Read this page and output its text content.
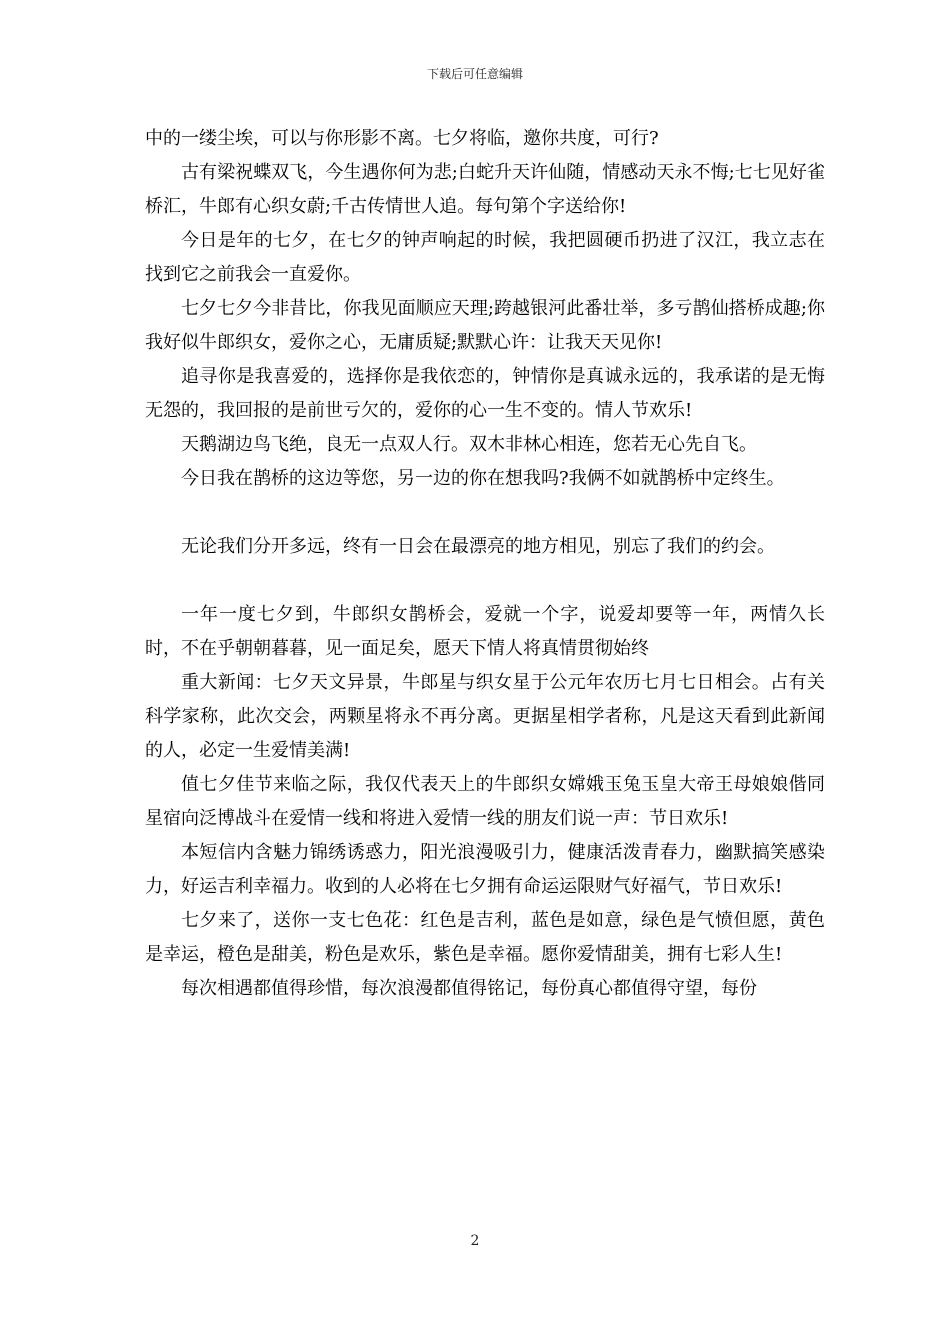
下载后可任意编辑

中的一缕尘埃，可以与你形影不离。七夕将临，邀你共度，可行?

古有梁祝蝶双飞，今生遇你何为悲;白蛇升天许仙随，情感动天永不悔;七七见好雀桥汇，牛郎有心织女蔚;千古传情世人追。每句第个字送给你!

今日是年的七夕，在七夕的钟声响起的时候，我把圆硬币扔进了汉江，我立志在找到它之前我会一直爱你。

七夕七夕今非昔比，你我见面顺应天理;跨越银河此番壮举，多亏鹊仙搭桥成趣;你我好似牛郎织女，爱你之心，无庸质疑;默默心许：让我天天见你!

追寻你是我喜爱的，选择你是我依恋的，钟情你是真诚永远的，我承诺的是无悔无怨的，我回报的是前世亏欠的，爱你的心一生不变的。情人节欢乐!

天鹅湖边鸟飞绝，良无一点双人行。双木非林心相连，您若无心先自飞。

今日我在鹊桥的这边等您，另一边的你在想我吗?我俩不如就鹊桥中定终生。

无论我们分开多远，终有一日会在最漂亮的地方相见，别忘了我们的约会。

一年一度七夕到，牛郎织女鹊桥会，爱就一个字，说爱却要等一年，两情久长时，不在乎朝朝暮暮，见一面足矣，愿天下情人将真情贯彻始终

重大新闻：七夕天文异景，牛郎星与织女星于公元年农历七月七日相会。占有关科学家称，此次交会，两颗星将永不再分离。更据星相学者称，凡是这天看到此新闻的人，必定一生爱情美满!

值七夕佳节来临之际，我仅代表天上的牛郎织女嫦娥玉兔玉皇大帝王母娘娘偕同星宿向泛博战斗在爱情一线和将进入爱情一线的朋友们说一声：节日欢乐!

本短信内含魅力锦绣诱惑力，阳光浪漫吸引力，健康活泼青春力，幽默搞笑感染力，好运吉利幸福力。收到的人必将在七夕拥有命运运限财气好福气，节日欢乐!

七夕来了，送你一支七色花：红色是吉利，蓝色是如意，绿色是气愤但愿，黄色是幸运，橙色是甜美，粉色是欢乐，紫色是幸福。愿你爱情甜美，拥有七彩人生!

每次相遇都值得珍惜，每次浪漫都值得铭记，每份真心都值得守望，每份

2
